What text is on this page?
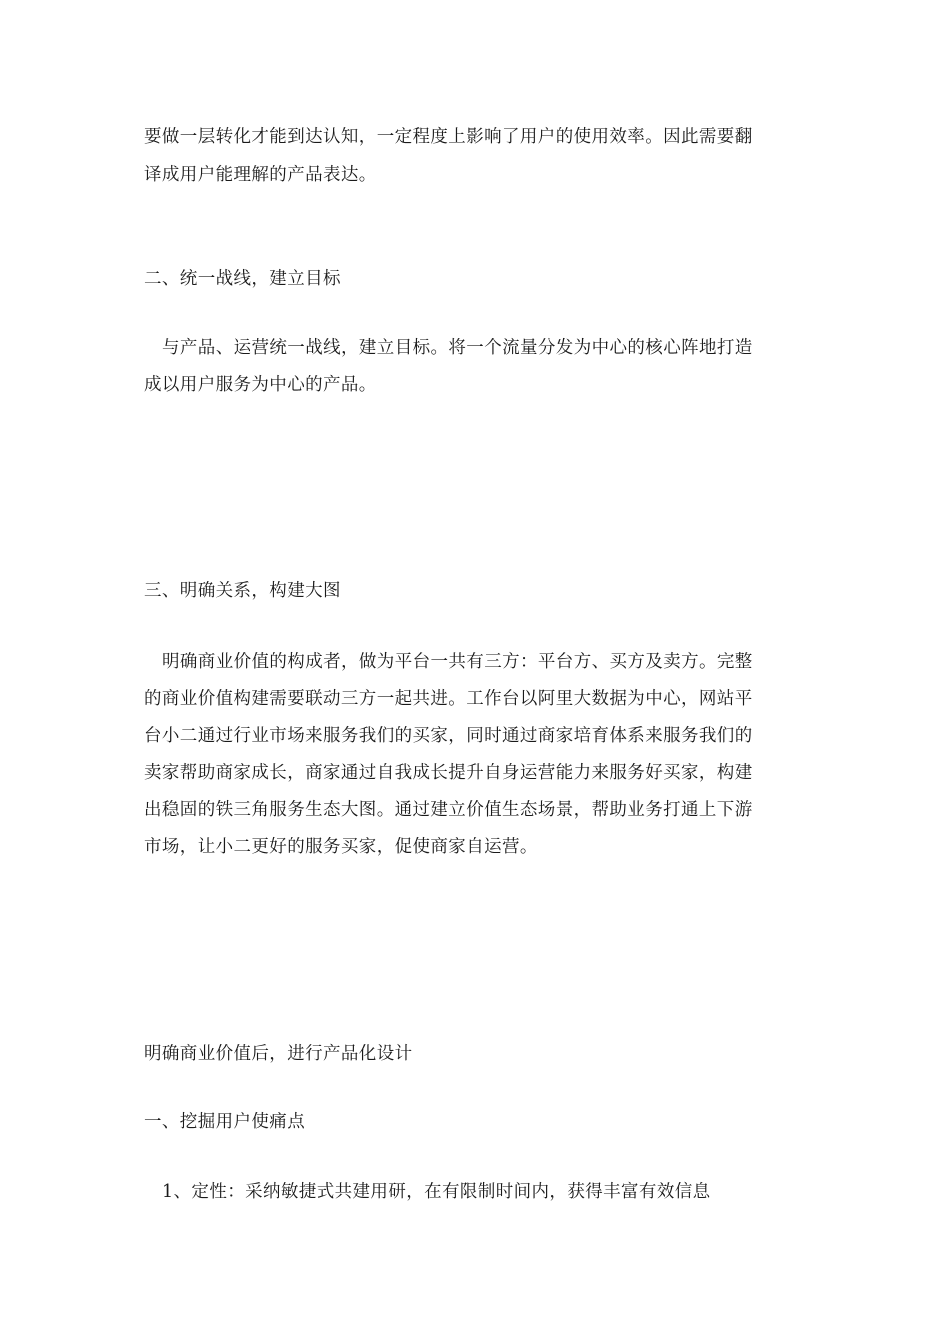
要做一层转化才能到达认知，一定程度上影响了用户的使用效率。因此需要翻
译成用户能理解的产品表达。
二、统一战线，建立目标
与产品、运营统一战线，建立目标。将一个流量分发为中心的核心阵地打造
成以用户服务为中心的产品。
三、明确关系，构建大图
明确商业价值的构成者，做为平台一共有三方：平台方、买方及卖方。完整
的商业价值构建需要联动三方一起共进。工作台以阿里大数据为中心，网站平
台小二通过行业市场来服务我们的买家，同时通过商家培育体系来服务我们的
卖家帮助商家成长，商家通过自我成长提升自身运营能力来服务好买家，构建
出稳固的铁三角服务生态大图。通过建立价值生态场景，帮助业务打通上下游
市场，让小二更好的服务买家，促使商家自运营。
明确商业价值后，进行产品化设计
一、挖掘用户使痛点
1、定性：采纳敏捷式共建用研，在有限制时间内，获得丰富有效信息
